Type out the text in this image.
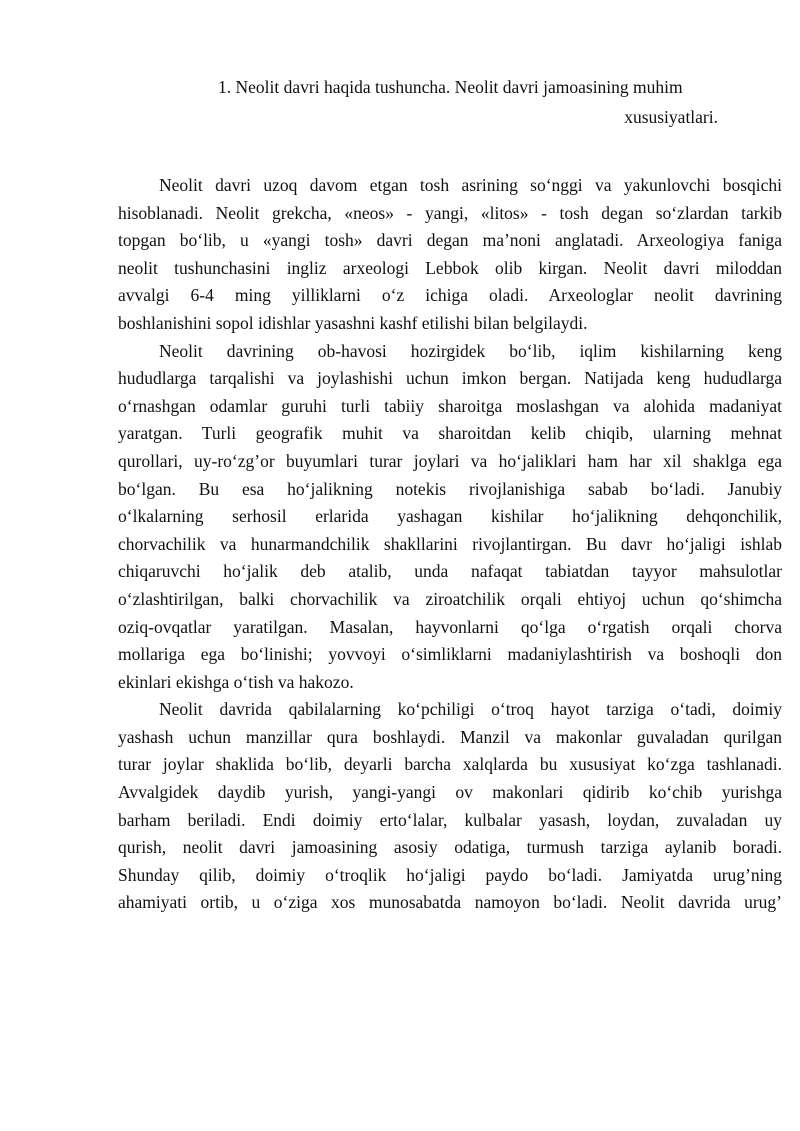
1. Neolit davri haqida tushuncha. Neolit davri jamoasining muhim
xususiyatlari.
Neolit davri uzoq davom etgan tosh asrining so‘nggi va yakunlovchi bosqichi
hisoblanadi. Neolit grekcha, «neos» - yangi, «litos» - tosh degan so‘zlardan tarkib
topgan bo‘lib, u «yangi tosh» davri degan ma’noni anglatadi. Arxeologiya faniga
neolit tushunchasini ingliz arxeologi Lebbok olib kirgan. Neolit davri miloddan
avvalgi 6-4 ming yilliklarni o‘z ichiga oladi. Arxeologlar neolit davrining
boshlanishini sopol idishlar yasashni kashf etilishi bilan belgilaydi.
Neolit davrining ob-havosi hozirgidek bo‘lib, iqlim kishilarning keng
hududlarga tarqalishi va joylashishi uchun imkon bergan. Natijada keng hududlarga
o‘rnashgan odamlar guruhi turli tabiiy sharoitga moslashgan va alohida madaniyat
yaratgan. Turli geografik muhit va sharoitdan kelib chiqib, ularning mehnat
qurollari, uy-ro‘zg’or buyumlari turar joylari va ho‘jaliklari ham har xil shaklga ega
bo‘lgan. Bu esa ho‘jalikning notekis rivojlanishiga sabab bo‘ladi. Janubiy
o‘lkalarning serhosil erlarida yashagan kishilar ho‘jalikning dehqonchilik,
chorvachilik va hunarmandchilik shakllarini rivojlantirgan. Bu davr ho‘jaligi ishlab
chiqaruvchi ho‘jalik deb atalib, unda nafaqat tabiatdan tayyor mahsulotlar
o‘zlashtirilgan, balki chorvachilik va ziroatchilik orqali ehtiyoj uchun qo‘shimcha
oziq-ovqatlar yaratilgan. Masalan, hayvonlarni qo‘lga o‘rgatish orqali chorva
mollariga ega bo‘linishi; yovvoyi o‘simliklarni madaniylashtirish va boshoqli don
ekinlari ekishga o‘tish va hakozo.
Neolit davrida qabilalarning ko‘pchiligi o‘troq hayot tarziga o‘tadi, doimiy
yashash uchun manzillar qura boshlaydi. Manzil va makonlar guvaladan qurilgan
turar joylar shaklida bo‘lib, deyarli barcha xalqlarda bu xususiyat ko‘zga tashlanadi.
Avvalgidek daydib yurish, yangi-yangi ov makonlari qidirib ko‘chib yurishga
barham beriladi. Endi doimiy erto‘lalar, kulbalar yasash, loydan, zuvaladan uy
qurish, neolit davri jamoasining asosiy odatiga, turmush tarziga aylanib boradi.
Shunday qilib, doimiy o‘troqlik ho‘jaligi paydo bo‘ladi. Jamiyatda urug’ning
ahamiyati ortib, u o‘ziga xos munosabatda namoyon bo‘ladi. Neolit davrida urug’
